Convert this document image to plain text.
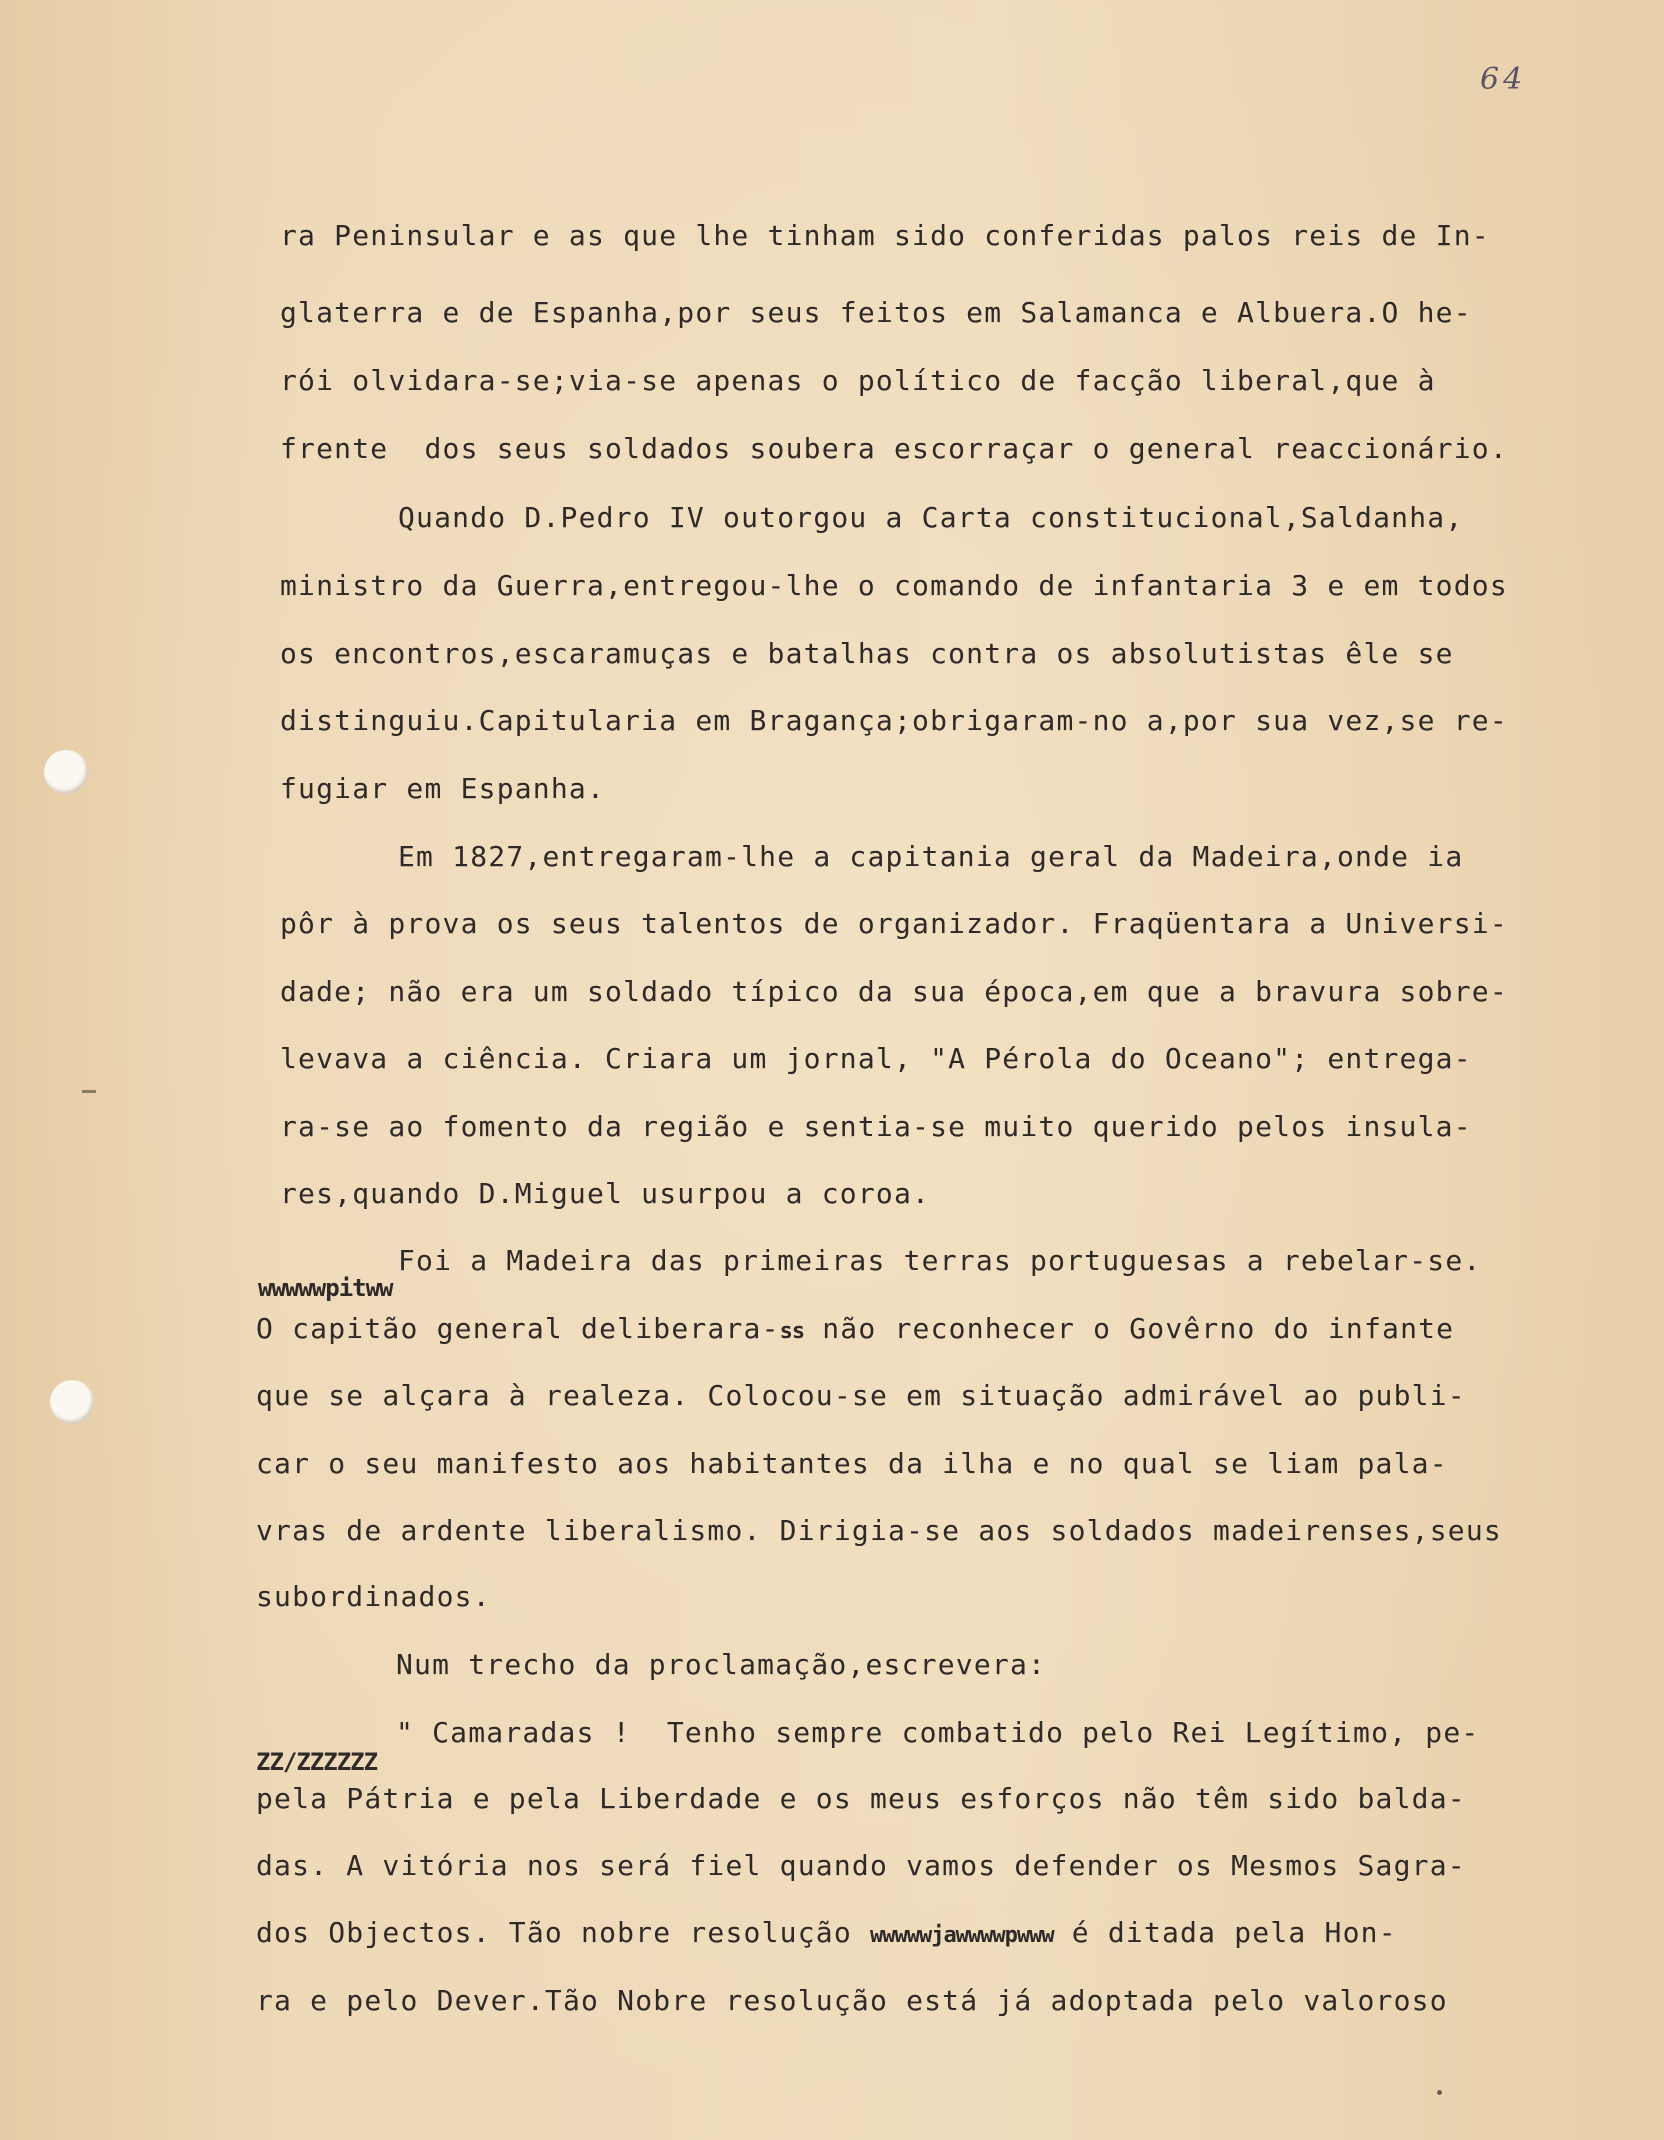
64
ra Peninsular e as que lhe tinham sido conferidas palos reis de In-
glaterra e de Espanha,por seus feitos em Salamanca e Albuera.O he-
rói olvidara-se;via-se apenas o político de facção liberal,que à
frente  dos seus soldados soubera escorraçar o general reaccionário.
Quando D.Pedro IV outorgou a Carta constitucional,Saldanha,
ministro da Guerra,entregou-lhe o comando de infantaria 3 e em todos
os encontros,escaramuças e batalhas contra os absolutistas êle se
distinguiu.Capitularia em Bragança;obrigaram-no a,por sua vez,se re-
fugiar em Espanha.
Em 1827,entregaram-lhe a capitania geral da Madeira,onde ia
pôr à prova os seus talentos de organizador. Fraqüentara a Universi-
dade; não era um soldado típico da sua época,em que a bravura sobre-
levava a ciência. Criara um jornal, "A Pérola do Oceano"; entrega-
ra-se ao fomento da região e sentia-se muito querido pelos insula-
res,quando D.Miguel usurpou a coroa.
Foi a Madeira das primeiras terras portuguesas a rebelar-se.
wwwwwpitww
O capitão general deliberara-ss não reconhecer o Govêrno do infante
que se alçara à realeza. Colocou-se em situação admirável ao publi-
car o seu manifesto aos habitantes da ilha e no qual se liam pala-
vras de ardente liberalismo. Dirigia-se aos soldados madeirenses,seus
subordinados.
Num trecho da proclamação,escrevera:
" Camaradas !  Tenho sempre combatido pelo Rei Legítimo, pe-
ZZ/ZZZZZZ
pela Pátria e pela Liberdade e os meus esforços não têm sido balda-
das. A vitória nos será fiel quando vamos defender os Mesmos Sagra-
dos Objectos. Tão nobre resolução wwwwwjawwwwpwww é ditada pela Hon-
ra e pelo Dever.Tão Nobre resolução está já adoptada pelo valoroso
